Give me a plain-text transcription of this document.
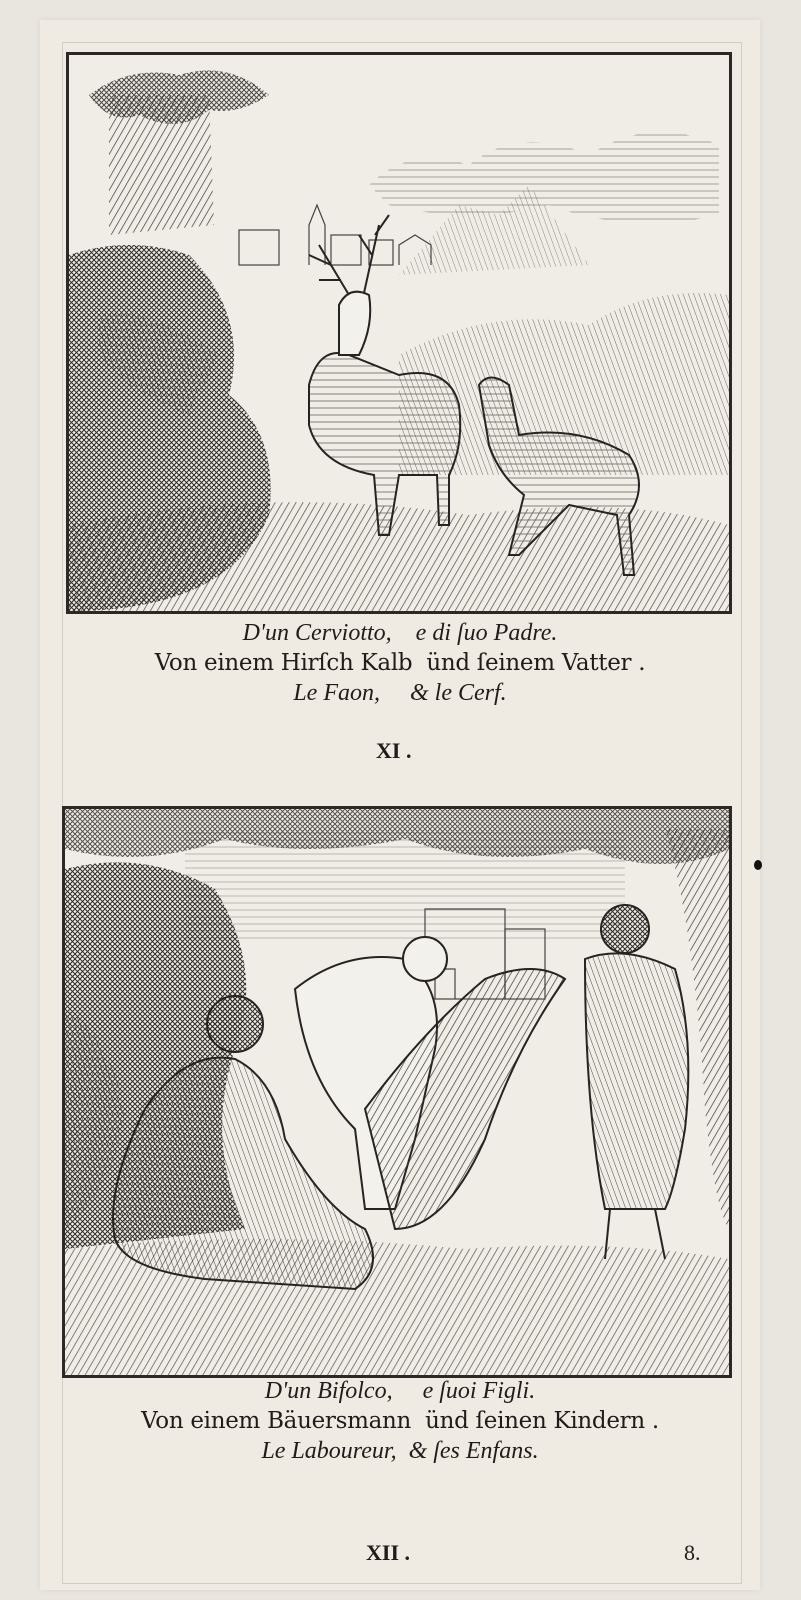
D'un Cerviotto,    e di ſuo Padre.
Von einem Hirſch Kalb  ünd ſeinem Vatter .
Le Faon,     & le Cerf.
XI .
D'un Bifolco,     e ſuoi Figli.
Von einem Bäuersmann  ünd ſeinen Kindern .
Le Laboureur,  & ſes Enfans.
XII .	8.
